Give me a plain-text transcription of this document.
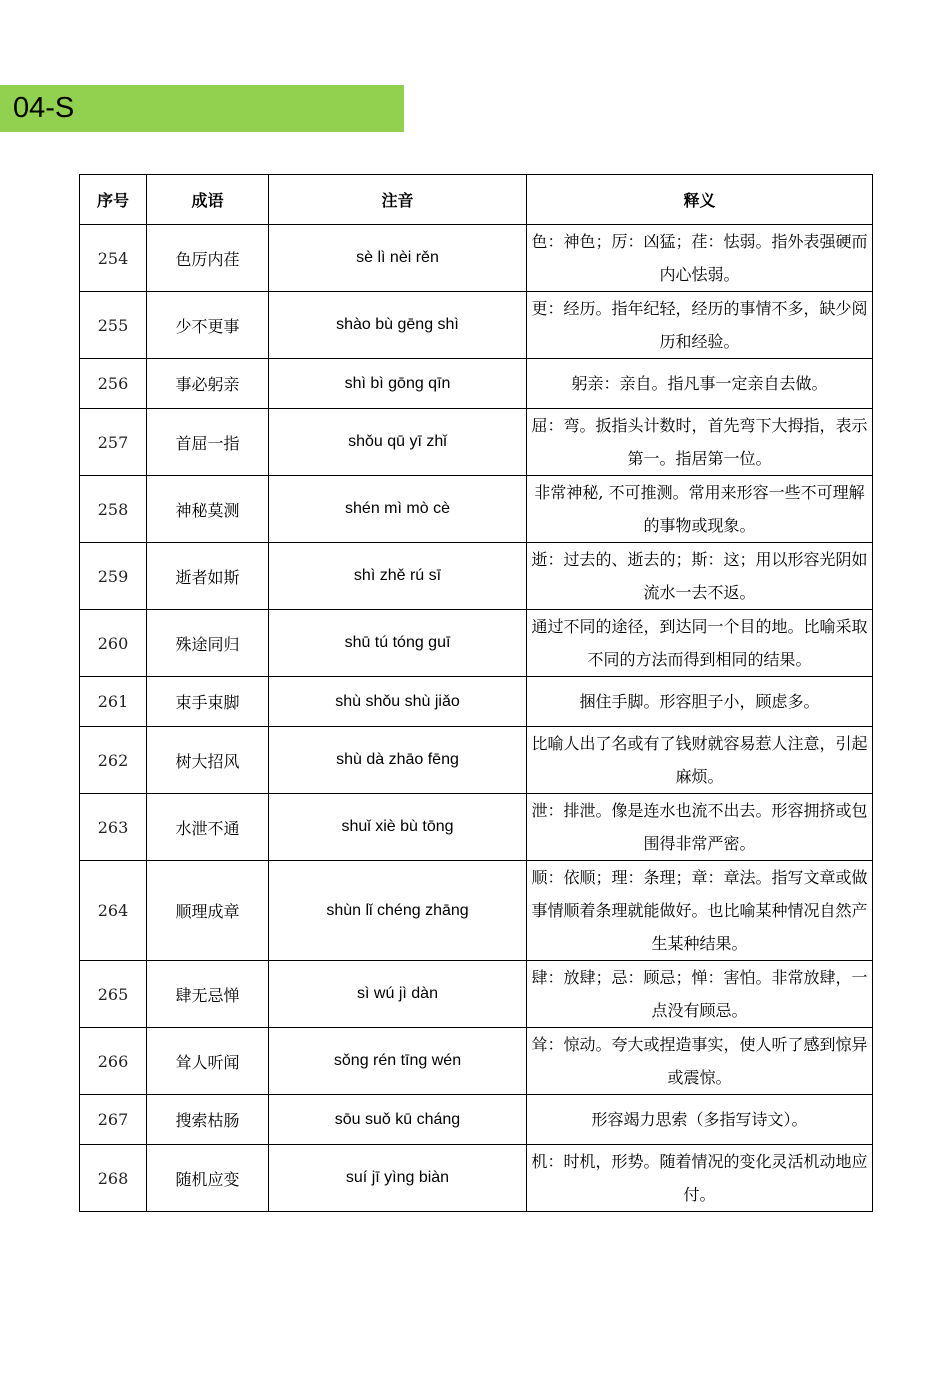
04-S
序号	成语	注音	释义
254	色厉内荏	sè lì nèi rěn	色：神色；厉：凶猛；荏：怯弱。指外表强硬而内心怯弱。
255	少不更事	shào bù gēng shì	更：经历。指年纪轻，经历的事情不多，缺少阅历和经验。
256	事必躬亲	shì bì gōng qīn	躬亲：亲自。指凡事一定亲自去做。
257	首屈一指	shǒu qū yī zhǐ	屈：弯。扳指头计数时，首先弯下大拇指，表示第一。指居第一位。
258	神秘莫测	shén mì mò cè	非常神秘, 不可推测。常用来形容一些不可理解的事物或现象。
259	逝者如斯	shì zhě rú sī	逝：过去的、逝去的；斯：这；用以形容光阴如流水一去不返。
260	殊途同归	shū tú tóng guī	通过不同的途径，到达同一个目的地。比喻采取不同的方法而得到相同的结果。
261	束手束脚	shù shǒu shù jiǎo	捆住手脚。形容胆子小，顾虑多。
262	树大招风	shù dà zhāo fēng	比喻人出了名或有了钱财就容易惹人注意，引起麻烦。
263	水泄不通	shuǐ xiè bù tōng	泄：排泄。像是连水也流不出去。形容拥挤或包围得非常严密。
264	顺理成章	shùn lǐ chéng zhāng	顺：依顺；理：条理；章：章法。指写文章或做事情顺着条理就能做好。也比喻某种情况自然产生某种结果。
265	肆无忌惮	sì wú jì dàn	肆：放肆；忌：顾忌；惮：害怕。非常放肆，一点没有顾忌。
266	耸人听闻	sǒng rén tīng wén	耸：惊动。夸大或捏造事实，使人听了感到惊异或震惊。
267	搜索枯肠	sōu suǒ kū cháng	形容竭力思索（多指写诗文）。
268	随机应变	suí jī yìng biàn	机：时机，形势。随着情况的变化灵活机动地应付。
